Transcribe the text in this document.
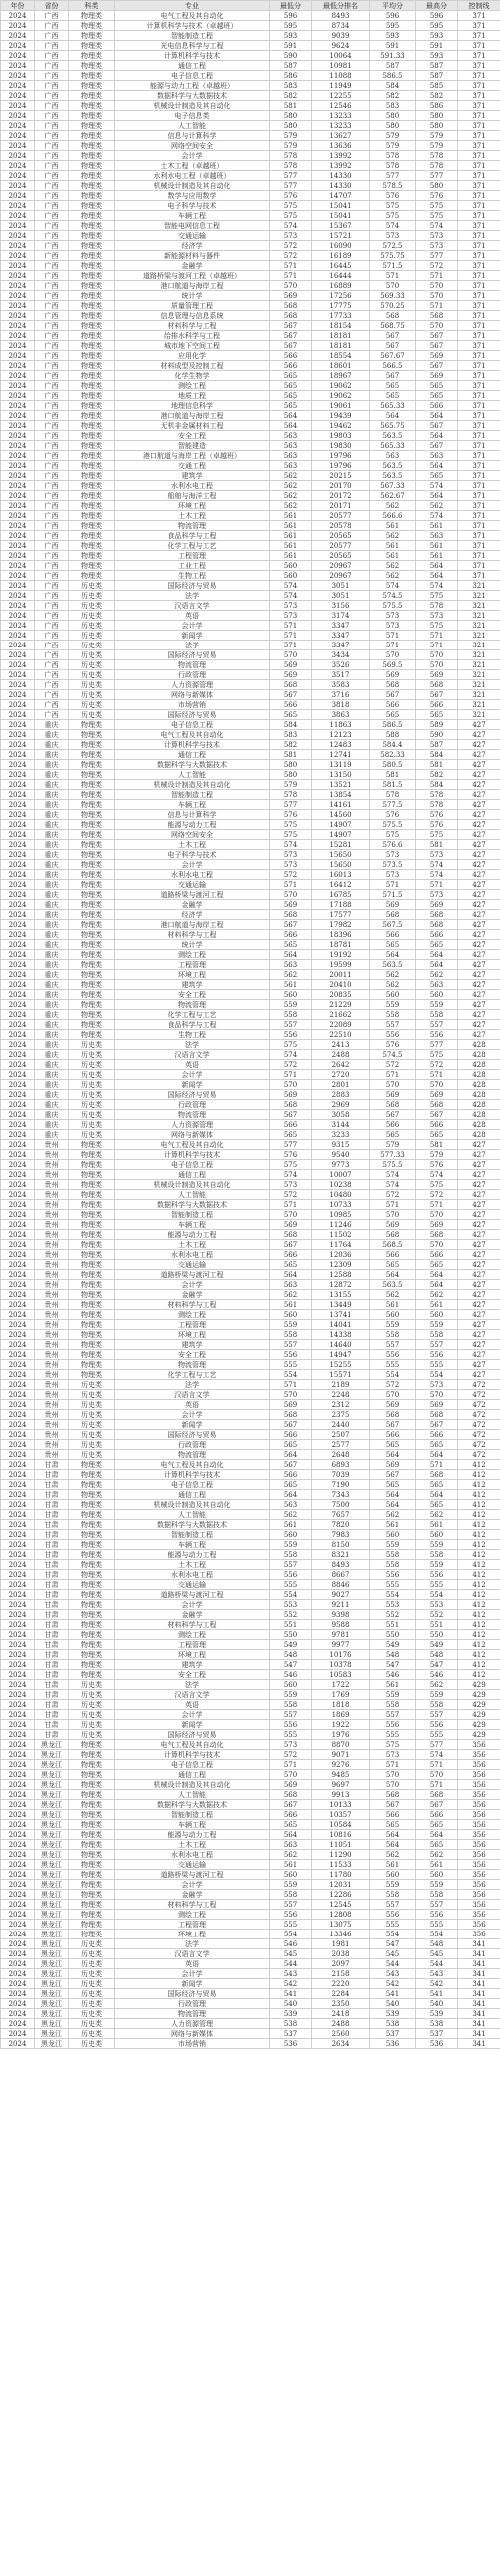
年份	省份	科类	专业	最低分	最低分排名	平均分	最高分	控制线
2024	广西	物理类	电气工程及其自动化	596	8493	596	596	371
2024	广西	物理类	计算机科学与技术（卓越班）	595	8734	595	595	371
2024	广西	物理类	智能制造工程	593	9039	593	593	371
2024	广西	物理类	光电信息科学与工程	591	9624	591	591	371
2024	广西	物理类	计算机科学与技术	590	10064	591.33	593	371
2024	广西	物理类	通信工程	587	10981	587	587	371
2024	广西	物理类	电子信息工程	586	11088	586.5	587	371
2024	广西	物理类	能源与动力工程（卓越班）	583	11949	584	585	371
2024	广西	物理类	数据科学与大数据技术	582	12255	582	582	371
2024	广西	物理类	机械设计制造及其自动化	581	12546	583	586	371
2024	广西	物理类	电子信息类	580	13233	580	580	371
2024	广西	物理类	人工智能	580	13233	580	580	371
2024	广西	物理类	信息与计算科学	579	13627	579	579	371
2024	广西	物理类	网络空间安全	579	13636	579	579	371
2024	广西	物理类	会计学	578	13992	578	578	371
2024	广西	物理类	土木工程（卓越班）	578	13992	578	578	371
2024	广西	物理类	水利水电工程（卓越班）	577	14330	577	577	371
2024	广西	物理类	机械设计制造及其自动化	577	14330	578.5	580	371
2024	广西	物理类	数学与应用数学	576	14707	576	576	371
2024	广西	物理类	电子科学与技术	575	15041	575	575	371
2024	广西	物理类	车辆工程	575	15041	575	575	371
2024	广西	物理类	智能电网信息工程	574	15367	574	574	371
2024	广西	物理类	交通运输	573	15721	573	573	371
2024	广西	物理类	经济学	572	16090	572.5	573	371
2024	广西	物理类	新能源材料与器件	572	16189	575.75	577	371
2024	广西	物理类	金融学	571	16445	571.5	572	371
2024	广西	物理类	道路桥梁与渡河工程（卓越班）	571	16444	571	571	371
2024	广西	物理类	港口航道与海岸工程	570	16889	570	570	371
2024	广西	物理类	统计学	569	17256	569.33	570	371
2024	广西	物理类	质量管理工程	568	17775	570.25	571	371
2024	广西	物理类	信息管理与信息系统	568	17733	568	568	371
2024	广西	物理类	材料科学与工程	567	18154	568.75	570	371
2024	广西	物理类	给排水科学与工程	567	18181	567	567	371
2024	广西	物理类	城市地下空间工程	567	18181	567	567	371
2024	广西	物理类	应用化学	566	18554	567.67	569	371
2024	广西	物理类	材料成型及控制工程	566	18601	566.5	567	371
2024	广西	物理类	化学生物学	565	18967	567	569	371
2024	广西	物理类	测绘工程	565	19062	565	565	371
2024	广西	物理类	地质工程	565	19062	565	565	371
2024	广西	物理类	地理信息科学	565	19061	565.33	566	371
2024	广西	物理类	港口航道与海岸工程	564	19439	564	564	371
2024	广西	物理类	无机非金属材料工程	564	19462	565.75	567	371
2024	广西	物理类	安全工程	563	19803	563.5	564	371
2024	广西	物理类	智能建造	563	19830	565.33	567	371
2024	广西	物理类	港口航道与海岸工程（卓越班）	563	19796	563	563	371
2024	广西	物理类	交通工程	563	19796	563.5	564	371
2024	广西	物理类	建筑学	562	20215	563.5	565	371
2024	广西	物理类	水利水电工程	562	20170	567.33	574	371
2024	广西	物理类	船舶与海洋工程	562	20172	562.67	564	371
2024	广西	物理类	环境工程	562	20171	562	562	371
2024	广西	物理类	土木工程	561	20577	566.6	574	371
2024	广西	物理类	物流管理	561	20578	561	561	371
2024	广西	物理类	食品科学与工程	561	20565	562	563	371
2024	广西	物理类	化学工程与工艺	561	20577	561	561	371
2024	广西	物理类	工程管理	561	20565	561	561	371
2024	广西	物理类	工业工程	560	20967	562	564	371
2024	广西	物理类	生物工程	560	20967	562	564	371
2024	广西	历史类	国际经济与贸易	574	3051	574	574	321
2024	广西	历史类	法学	574	3051	574.5	575	321
2024	广西	历史类	汉语言文学	573	3156	575.5	578	321
2024	广西	历史类	英语	573	3174	573	573	321
2024	广西	历史类	会计学	571	3347	573	575	321
2024	广西	历史类	新闻学	571	3347	571	571	321
2024	广西	历史类	法学	571	3347	571	571	321
2024	广西	历史类	国际经济与贸易	570	3434	570	570	321
2024	广西	历史类	物流管理	569	3526	569.5	570	321
2024	广西	历史类	行政管理	569	3517	569	569	321
2024	广西	历史类	人力资源管理	568	3583	568	568	321
2024	广西	历史类	网络与新媒体	567	3716	567	567	321
2024	广西	历史类	市场营销	566	3818	566	566	321
2024	广西	历史类	国际经济与贸易	565	3863	565	565	321
2024	重庆	物理类	电子信息工程	584	11863	586.5	589	427
2024	重庆	物理类	电气工程及其自动化	583	12123	588	590	427
2024	重庆	物理类	计算机科学与技术	582	12483	584.4	587	427
2024	重庆	物理类	通信工程	581	12741	582.33	584	427
2024	重庆	物理类	数据科学与大数据技术	580	13119	580.5	581	427
2024	重庆	物理类	人工智能	580	13150	581	582	427
2024	重庆	物理类	机械设计制造及其自动化	579	13521	581.5	584	427
2024	重庆	物理类	智能制造工程	578	13854	578	578	427
2024	重庆	物理类	车辆工程	577	14161	577.5	578	427
2024	重庆	物理类	信息与计算科学	576	14560	576	576	427
2024	重庆	物理类	能源与动力工程	575	14907	575.5	576	427
2024	重庆	物理类	网络空间安全	575	14907	575	575	427
2024	重庆	物理类	土木工程	574	15281	576.6	581	427
2024	重庆	物理类	电子科学与技术	573	15650	573	573	427
2024	重庆	物理类	会计学	573	15650	573.5	574	427
2024	重庆	物理类	水利水电工程	572	16013	573	574	427
2024	重庆	物理类	交通运输	571	16412	571	571	427
2024	重庆	物理类	道路桥梁与渡河工程	570	16785	571.5	573	427
2024	重庆	物理类	金融学	569	17188	569	569	427
2024	重庆	物理类	经济学	568	17577	568	568	427
2024	重庆	物理类	港口航道与海岸工程	567	17982	567.5	568	427
2024	重庆	物理类	材料科学与工程	566	18396	566	566	427
2024	重庆	物理类	统计学	565	18781	565	565	427
2024	重庆	物理类	测绘工程	564	19192	564	564	427
2024	重庆	物理类	工程管理	563	19599	563.5	564	427
2024	重庆	物理类	环境工程	562	20011	562	562	427
2024	重庆	物理类	建筑学	561	20410	562	563	427
2024	重庆	物理类	安全工程	560	20835	560	560	427
2024	重庆	物理类	物流管理	559	21229	559	559	427
2024	重庆	物理类	化学工程与工艺	558	21662	558	558	427
2024	重庆	物理类	食品科学与工程	557	22089	557	557	427
2024	重庆	物理类	生物工程	556	22510	556	556	427
2024	重庆	历史类	法学	575	2413	576	577	428
2024	重庆	历史类	汉语言文学	574	2488	574.5	575	428
2024	重庆	历史类	英语	572	2642	572	572	428
2024	重庆	历史类	会计学	571	2720	571	571	428
2024	重庆	历史类	新闻学	570	2801	570	570	428
2024	重庆	历史类	国际经济与贸易	569	2883	569	569	428
2024	重庆	历史类	行政管理	568	2969	568	568	428
2024	重庆	历史类	物流管理	567	3058	567	567	428
2024	重庆	历史类	人力资源管理	566	3144	566	566	428
2024	重庆	历史类	网络与新媒体	565	3233	565	565	428
2024	贵州	物理类	电气工程及其自动化	577	9315	579	581	427
2024	贵州	物理类	计算机科学与技术	576	9540	577.33	579	427
2024	贵州	物理类	电子信息工程	575	9773	575.5	576	427
2024	贵州	物理类	通信工程	574	10007	574	574	427
2024	贵州	物理类	机械设计制造及其自动化	573	10238	574	575	427
2024	贵州	物理类	人工智能	572	10480	572	572	427
2024	贵州	物理类	数据科学与大数据技术	571	10733	571	571	427
2024	贵州	物理类	智能制造工程	570	10985	570	570	427
2024	贵州	物理类	车辆工程	569	11246	569	569	427
2024	贵州	物理类	能源与动力工程	568	11502	568	568	427
2024	贵州	物理类	土木工程	567	11764	568.5	570	427
2024	贵州	物理类	水利水电工程	566	12036	566	566	427
2024	贵州	物理类	交通运输	565	12309	565	565	427
2024	贵州	物理类	道路桥梁与渡河工程	564	12588	564	564	427
2024	贵州	物理类	会计学	563	12872	563.5	564	427
2024	贵州	物理类	金融学	562	13155	562	562	427
2024	贵州	物理类	材料科学与工程	561	13449	561	561	427
2024	贵州	物理类	测绘工程	560	13741	560	560	427
2024	贵州	物理类	工程管理	559	14041	559	559	427
2024	贵州	物理类	环境工程	558	14338	558	558	427
2024	贵州	物理类	建筑学	557	14640	557	557	427
2024	贵州	物理类	安全工程	556	14947	556	556	427
2024	贵州	物理类	物流管理	555	15255	555	555	427
2024	贵州	物理类	化学工程与工艺	554	15571	554	554	427
2024	贵州	历史类	法学	571	2189	572	573	472
2024	贵州	历史类	汉语言文学	570	2248	570	570	472
2024	贵州	历史类	英语	569	2312	569	569	472
2024	贵州	历史类	会计学	568	2375	568	568	472
2024	贵州	历史类	新闻学	567	2440	567	567	472
2024	贵州	历史类	国际经济与贸易	566	2507	566	566	472
2024	贵州	历史类	行政管理	565	2577	565	565	472
2024	贵州	历史类	物流管理	564	2648	564	564	472
2024	甘肃	物理类	电气工程及其自动化	567	6893	569	571	412
2024	甘肃	物理类	计算机科学与技术	566	7039	567	568	412
2024	甘肃	物理类	电子信息工程	565	7190	565	565	412
2024	甘肃	物理类	通信工程	564	7343	564	564	412
2024	甘肃	物理类	机械设计制造及其自动化	563	7500	564	565	412
2024	甘肃	物理类	人工智能	562	7657	562	562	412
2024	甘肃	物理类	数据科学与大数据技术	561	7820	561	561	412
2024	甘肃	物理类	智能制造工程	560	7983	560	560	412
2024	甘肃	物理类	车辆工程	559	8150	559	559	412
2024	甘肃	物理类	能源与动力工程	558	8321	558	558	412
2024	甘肃	物理类	土木工程	557	8493	558	559	412
2024	甘肃	物理类	水利水电工程	556	8667	556	556	412
2024	甘肃	物理类	交通运输	555	8846	555	555	412
2024	甘肃	物理类	道路桥梁与渡河工程	554	9027	554	554	412
2024	甘肃	物理类	会计学	553	9211	553	553	412
2024	甘肃	物理类	金融学	552	9398	552	552	412
2024	甘肃	物理类	材料科学与工程	551	9588	551	551	412
2024	甘肃	物理类	测绘工程	550	9781	550	550	412
2024	甘肃	物理类	工程管理	549	9977	549	549	412
2024	甘肃	物理类	环境工程	548	10176	548	548	412
2024	甘肃	物理类	建筑学	547	10378	547	547	412
2024	甘肃	物理类	安全工程	546	10583	546	546	412
2024	甘肃	历史类	法学	560	1722	561	562	429
2024	甘肃	历史类	汉语言文学	559	1769	559	559	429
2024	甘肃	历史类	英语	558	1818	558	558	429
2024	甘肃	历史类	会计学	557	1869	557	557	429
2024	甘肃	历史类	新闻学	556	1922	556	556	429
2024	甘肃	历史类	国际经济与贸易	555	1976	555	555	429
2024	黑龙江	物理类	电气工程及其自动化	573	8870	575	577	356
2024	黑龙江	物理类	计算机科学与技术	572	9071	573	574	356
2024	黑龙江	物理类	电子信息工程	571	9276	571	571	356
2024	黑龙江	物理类	通信工程	570	9485	570	570	356
2024	黑龙江	物理类	机械设计制造及其自动化	569	9697	570	571	356
2024	黑龙江	物理类	人工智能	568	9913	568	568	356
2024	黑龙江	物理类	数据科学与大数据技术	567	10133	567	567	356
2024	黑龙江	物理类	智能制造工程	566	10357	566	566	356
2024	黑龙江	物理类	车辆工程	565	10584	565	565	356
2024	黑龙江	物理类	能源与动力工程	564	10816	564	564	356
2024	黑龙江	物理类	土木工程	563	11051	564	565	356
2024	黑龙江	物理类	水利水电工程	562	11290	562	562	356
2024	黑龙江	物理类	交通运输	561	11533	561	561	356
2024	黑龙江	物理类	道路桥梁与渡河工程	560	11780	560	560	356
2024	黑龙江	物理类	会计学	559	12031	559	559	356
2024	黑龙江	物理类	金融学	558	12286	558	558	356
2024	黑龙江	物理类	材料科学与工程	557	12545	557	557	356
2024	黑龙江	物理类	测绘工程	556	12808	556	556	356
2024	黑龙江	物理类	工程管理	555	13075	555	555	356
2024	黑龙江	物理类	环境工程	554	13346	554	554	356
2024	黑龙江	历史类	法学	546	1981	547	548	341
2024	黑龙江	历史类	汉语言文学	545	2038	545	545	341
2024	黑龙江	历史类	英语	544	2097	544	544	341
2024	黑龙江	历史类	会计学	543	2158	543	543	341
2024	黑龙江	历史类	新闻学	542	2220	542	542	341
2024	黑龙江	历史类	国际经济与贸易	541	2284	541	541	341
2024	黑龙江	历史类	行政管理	540	2350	540	540	341
2024	黑龙江	历史类	物流管理	539	2418	539	539	341
2024	黑龙江	历史类	人力资源管理	538	2488	538	538	341
2024	黑龙江	历史类	网络与新媒体	537	2560	537	537	341
2024	黑龙江	历史类	市场营销	536	2634	536	536	341
